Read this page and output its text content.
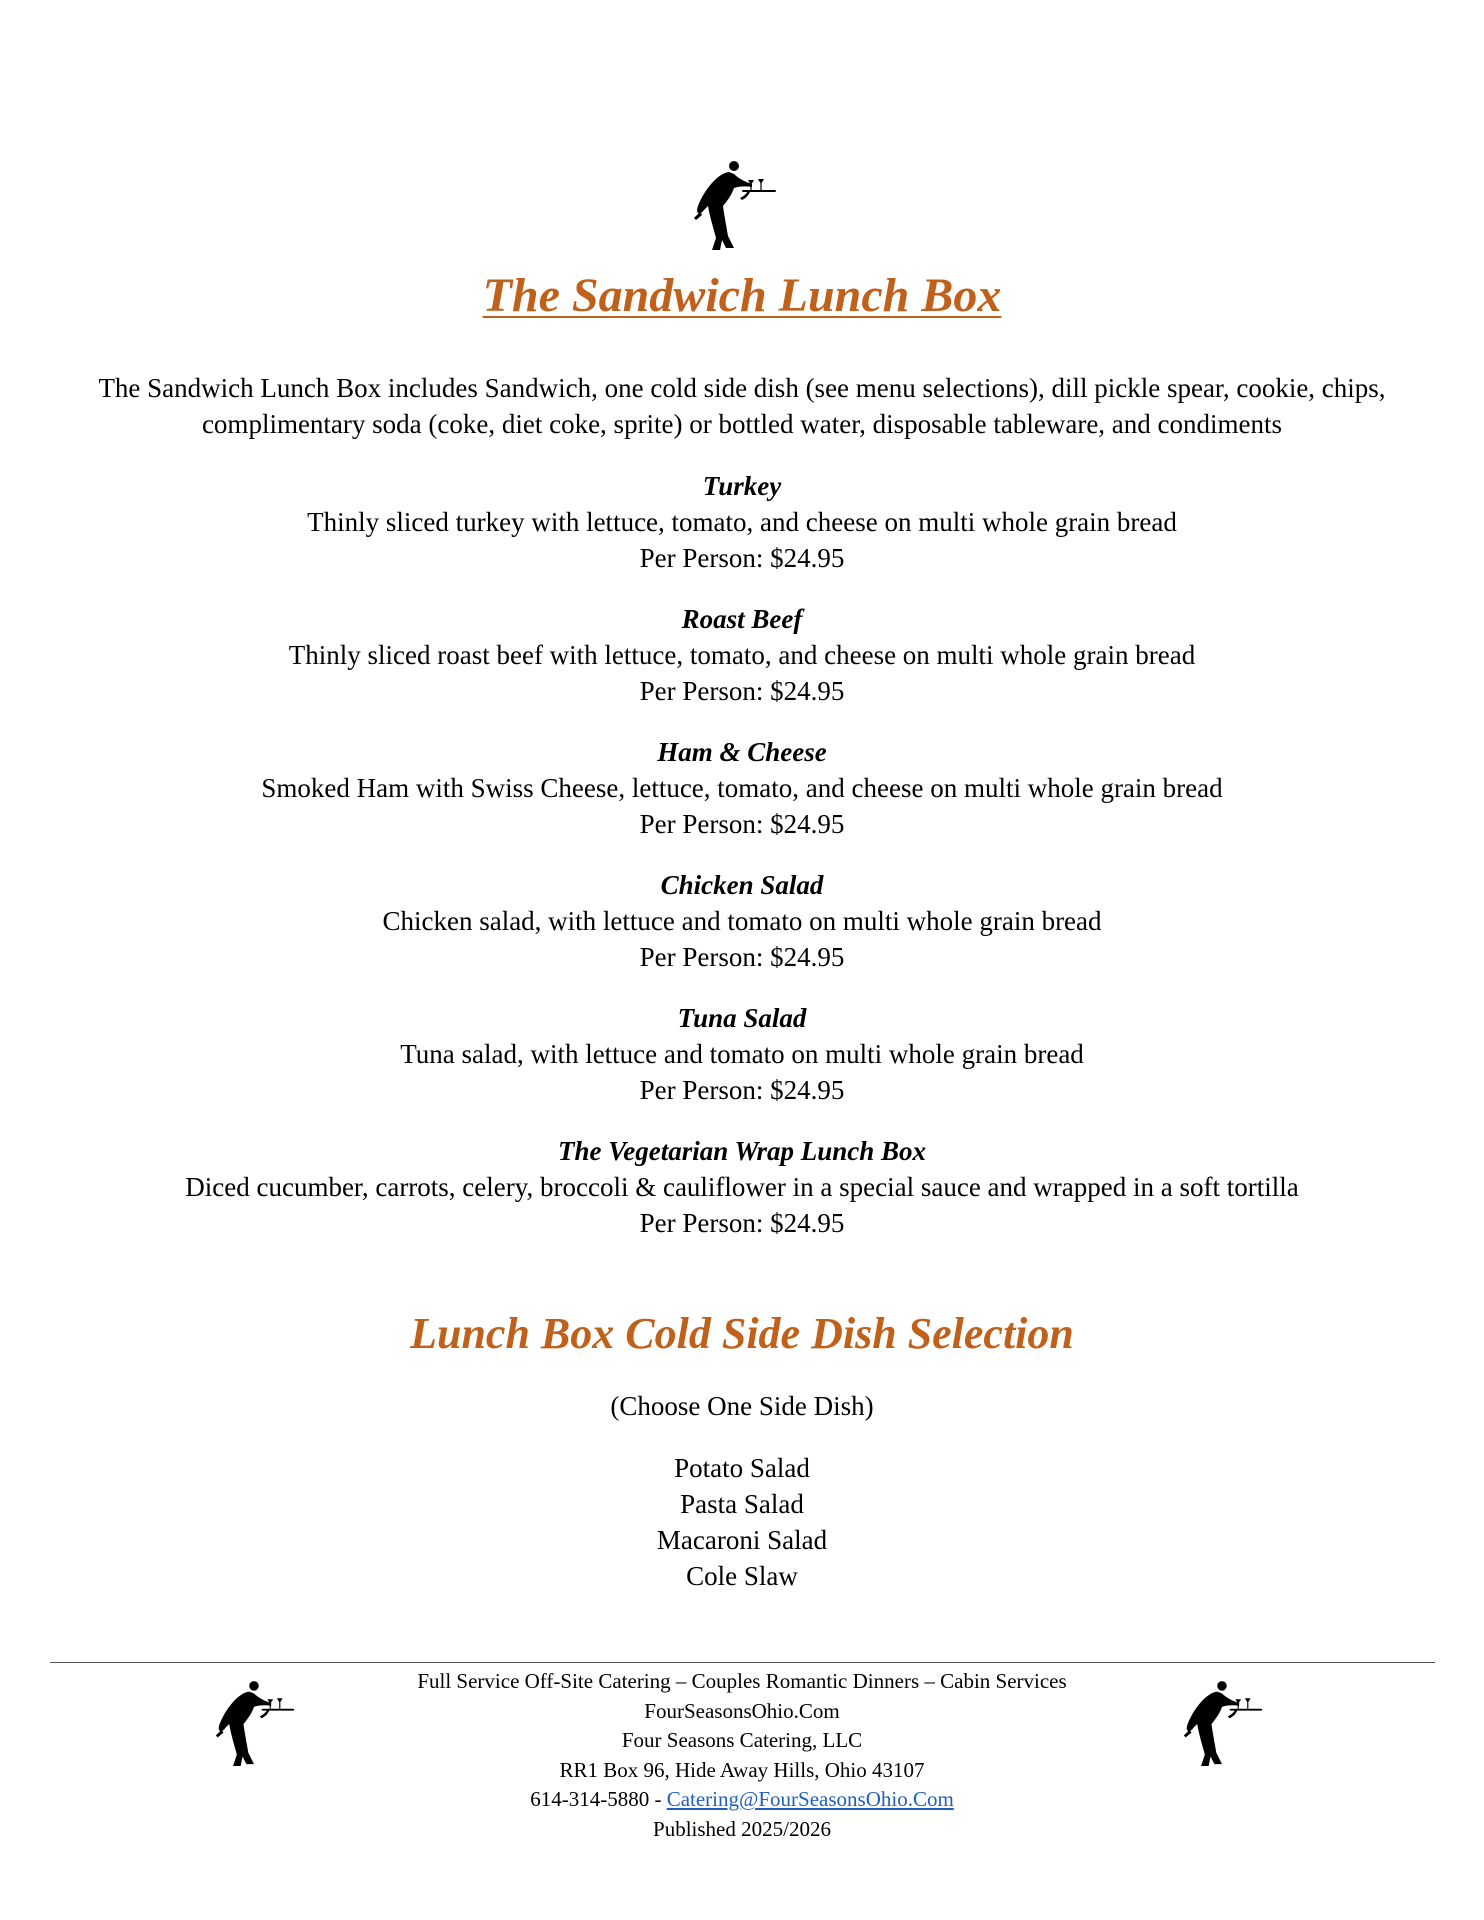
The Sandwich Lunch Box
The Sandwich Lunch Box includes Sandwich, one cold side dish (see menu selections), dill pickle spear, cookie, chips, complimentary soda (coke, diet coke, sprite) or bottled water, disposable tableware, and condiments
Turkey
Thinly sliced turkey with lettuce, tomato, and cheese on multi whole grain bread
Per Person: $24.95
Roast Beef
Thinly sliced roast beef with lettuce, tomato, and cheese on multi whole grain bread
Per Person: $24.95
Ham & Cheese
Smoked Ham with Swiss Cheese, lettuce, tomato, and cheese on multi whole grain bread
Per Person: $24.95
Chicken Salad
Chicken salad, with lettuce and tomato on multi whole grain bread
Per Person: $24.95
Tuna Salad
Tuna salad, with lettuce and tomato on multi whole grain bread
Per Person: $24.95
The Vegetarian Wrap Lunch Box
Diced cucumber, carrots, celery, broccoli & cauliflower in a special sauce and wrapped in a soft tortilla
Per Person: $24.95
Lunch Box Cold Side Dish Selection
(Choose One Side Dish)
Potato Salad
Pasta Salad
Macaroni Salad
Cole Slaw
Full Service Off-Site Catering – Couples Romantic Dinners – Cabin Services
FourSeasonsOhio.Com
Four Seasons Catering, LLC
RR1 Box 96, Hide Away Hills, Ohio 43107
614-314-5880 - Catering@FourSeasonsOhio.Com
Published 2025/2026
